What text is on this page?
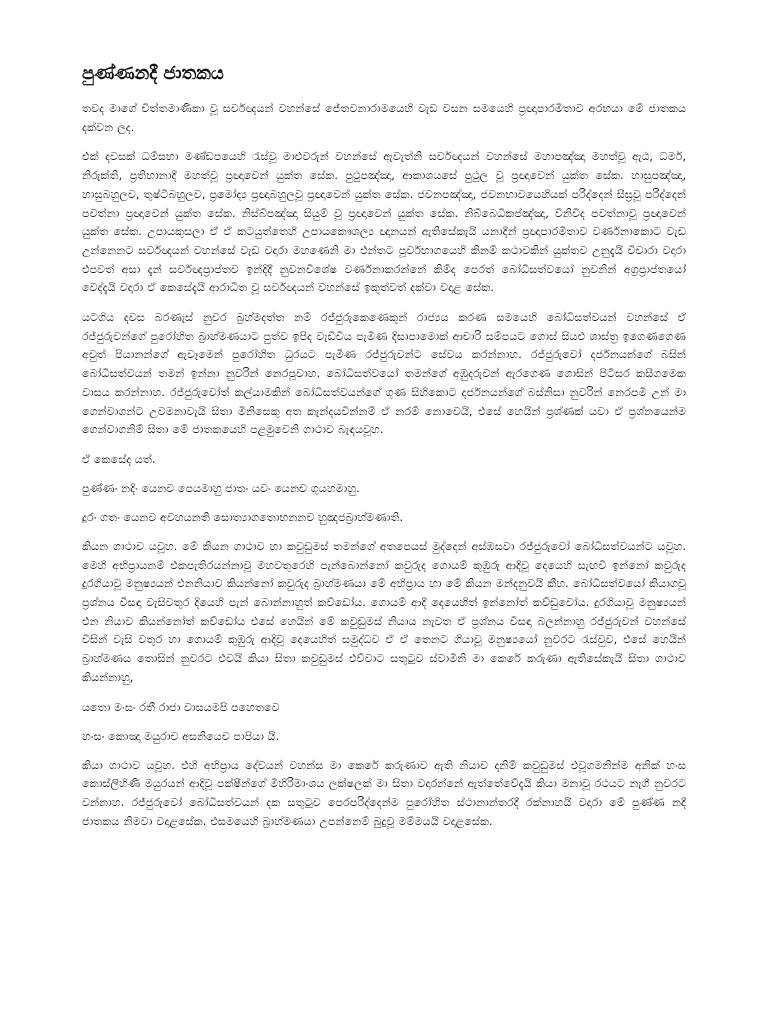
පුණ්ණනදී ජාතකය

තවද මාගේ චිත්තමාණිකා වූ සර්වඥයන් වහන්සේ ජේතවනාරාමයෙහි වැඩ වසන සමයෙහි ප්‍රඥාපාරමිතාව අරභයා මේ ජාතකය දක්වන ලද.

එක් දවසක් ධම්සභා මණ්ඩපයෙහි රැස්වූ මාළුවරුන් වහන්සේ ඇවැත්නි සර්වඥයන් වහන්සේ මහාපඤ්ඤා මහත්වූ ඇඨ, ධර්ම, නිරුක්ති, ප්‍රතිභානාදී මහත්වූ ප්‍රඥාවෙන් යුක්ත සේක. පුථුපඤ්ඤා, ආකාශයසේ පුථුල වූ ප්‍රඥාවෙන් යුක්ත සේක. හාසුපඤ්ඤා, හාසුබහුලව, තුෂ්ටිබහුලව, ප්‍රමෝද්‍ය ප්‍රඥාබහුලවූ ප්‍රඥාවෙන් යුක්ත සේක. ජවනපඤ්ඤා, ජවනභාවයෙහියක් පරිද්දෙන් සීඝ්‍රවූ පරිද්දෙන් පවත්නා ප්‍රඥාවෙන් යුක්ත සේක. නිස්බ්පඤ්ඤා සියුම් වූ ප්‍රඥාවෙන් යුක්ත සේක. නිබ්බෙධිකප්ඤ්ඤා, විනිවිද පවත්නාවූ ප්‍රඥාවෙන් යුක්ත සේක. උපායකුසලා ඒ ඒ කටයුත්තෙහි උපායකෞශල්‍ය ඥානයන් ඇතිසේකැයි යනාදීන් ප්‍රඥාපාරමිතාව වර්ණනාකොට වැඩ උන්නෙනට සර්වඥයන් වහන්සේ වැඩ වදාරා මහණෙනි මා එන්තට පූර්වභාගයෙහි කිනම් කථාවකින් යුක්තව උනුදැයි විචාරා වදාරා එපවත් අසා දැන් සර්වඥප්‍රාප්තව ඉන්දිදී නුවනවිශේෂ වර්ණනාකරන්නේ කිම්ද පෙරත් බෝධිසත්වයෝ නුවනින් අග්‍රප්‍රාප්තයෝ වෙද්දැයි වදාරා ඒ කෙසේදැයි ආරාධිත වූ සර්වඥයන් වහන්සේ ඉකුත්වත් දක්වා වදාළ සේක.

යටගිය දවස බරණැස් නුවර බ්‍රහ්මදත්ත නම් රජ්ජුරුකෙණෙකුන් රාජ්‍යය කරණ සමයෙහි බෝධිසත්වයන් වහන්සේ ඒ රජ්ජුරුවන්ගේ පුරෝහිත බ්‍රාහ්මණයාට පුත්ව ඉපිද වැඩිවිය පැමිණ දිසාපාමොක් ආචාරි සම්පයට ගොස් සියළු ශාස්ත්‍ර ඉගෙණගෙණ අවුත් පියානන්ගේ ඇවෑමෙන් පුරෝහිත ධුරයට පැමිණ රජ්ජුරුවන්ට සේවය කරන්නාහ. රජ්ජුරුවෝ දර්ජනයන්ගේ බසින් බෝධිසත්වයන් තමන් ඉන්නා නුවරින් නෙරපූවාහ. බෝධිසත්වයෝ තමන්ගේ අඹුදරුවන් ඇරගෙණ ගොසින් පිටිසර කසීගමෙක වාසය කරන්නාහ. රජ්ජුරුවෝත් කල්යාමකින් බෝධිසත්වයන්ගේ ගුණ සිහිකොට දර්ජනයන්ගේ බස්නිසා නුවරින් නෙරපමි උන් මා ගෙන්වාගන්ට උවමනාවැයි සිතා මිනිසෙකු අත කැන්දයවින්නම් ඒ නරම් නොවෙයි, එසේ හෙයින් ප්‍රශ්ණක් යවා ඒ ප්‍රශ්නයෙන්ම ගෙන්වාගනිම් සිතා මේ ජාතකයෙහි පළමුවෙනි ගාථාව බැඳයවූහ.

ඒ කෙසේද යත්.

පුණ්ණං නදිං යෙනව පෙයමාහු ජාතං යවං යෙනච ගුයහමාහු.

දූරං ගතං යෙනව අවහයනති සොත්‍යාගතොභනනච හුඤජබ්‍රාහ්මණාති.

කියන ගාථාව යවූහ. මේ කියන ගාථාව හා කවුඩුමස් තමන්ගේ අතපෙයස් මුද්දෙන් අස්ඹසවා රජ්ජුරුවෝ බෝධිසත්වයන්ට යවූහ. මෙහි අභිප්‍රායනම් එකපැතිරයන්නාවූ මහවතුරෙහි පැන්බොන්නෝ කවුරුද ගොයම් කුඹුරු ආදිවූ දෙයෙහි සැඟවී ඉන්නෝ කවුරුද දුරගියාවූ මනුෂ්‍යයන් එනනියාව කියන්නෝ කවුරුද බ්‍රාහ්මණයා මේ අභිප්‍රාය හා මේ කියන මන්දනුවයි කීහ. බෝධිසත්වයෝ කියාගවූ ප්‍රශ්නය විසඳා වැසිවතුර දියෙහි පැන් බොන්නාහුත් කව්ඩෝය. ගොයම් ආදී දෙයෙහිත් ඉන්නෝත් කව්ඩුවෝය. දුරගියාවූ මනුෂ්‍යයන් එන නියාව කියන්නෝත් කව්ඩෝය එසේ හෙයින් මේ කවුඩුමස් නියාය නැවත ඒ ප්‍රශ්නය විසඳා බලන්නාහු රජ්ජුරුවන් වහන්සේ විසින් වැසි වතුර හා ගොයම් කුඹුරු ආදිවූ දෙයෙහිත් සමුද්ධව ඒ ඒ තෙනට ගියාවූ මනුෂ්‍යයෝ නුවරට රැස්වුව, එසේ හෙයින් බ්‍රාහ්මණය තොසින් නුවරට එවයි කියා සිතා කවුඩුමස් එව්වාට සතුටුව ස්වාමිනි මා කෙරේ කරුණා ඇතිසේකැයි සිතා ගාථාව කියන්නාහු,

යතො මංසං රතී රාජා වාසයමපි පහෙතවෙ

හංසං කොඤා මයුරාච අසනියෙච පාපියා යි.

කියා ගාථාව යවූහ. එහි අභිප්‍රාය දේවයන් වහන්ස මා කෙරේ කරුණාව ඇති නියාව දනිම් කවුඩුමස් එවූගමනින්ම අනික් හංස කොස්ලිහිණි මයුරයන් ආදිවූ පක්ෂීන්ගේ මිහිරිමාංශය ලක්ෂලක් මා සිතා වදාරන්නේ ඇත්තේවේදැයි කියා මනාවූ රථයට නැගී නුවරට වන්නාහ. රජ්ජුරුවෝ බෝධිසත්වයන් දක සතුටුව පෙරපරිද්දෙන්ම පුරෝහිත ස්ථානාන්තරදී රක්නාහයි වදාරා මේ පුණ්ණ නදී ජාතකය නිමවා වදාළසේක. එසමයෙහි බ්‍රාහ්මණයා උපන්නෙම් බුදුවූ මම්මයයි වදාළසේක.
